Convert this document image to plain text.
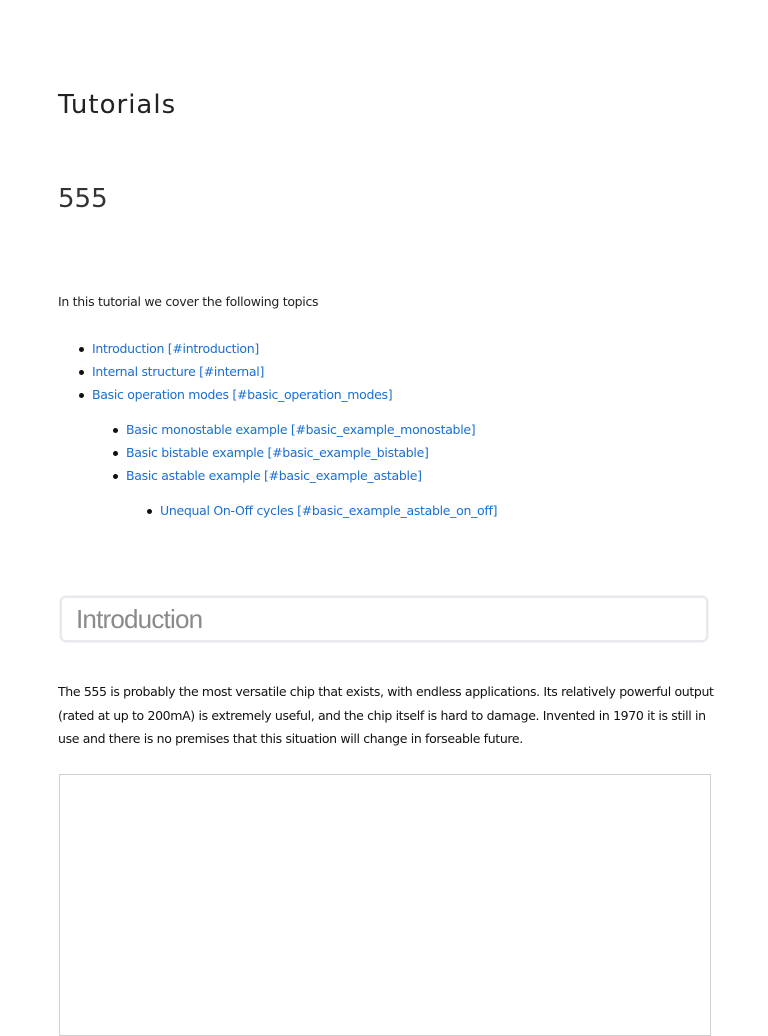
Tutorials
555

In this tutorial we cover the following topics

Introduction [#introduction]
Internal structure [#internal]
Basic operation modes [#basic_operation_modes]
Basic monostable example [#basic_example_monostable]
Basic bistable example [#basic_example_bistable]
Basic astable example [#basic_example_astable]
Unequal On-Off cycles [#basic_example_astable_on_off]
Introduction

The 555 is probably the most versatile chip that exists, with endless applications. Its relatively powerful output (rated at up to 200mA) is extremely useful, and the chip itself is hard to damage. Invented in 1970 it is still in use and there is no premises that this situation will change in forseable future.
